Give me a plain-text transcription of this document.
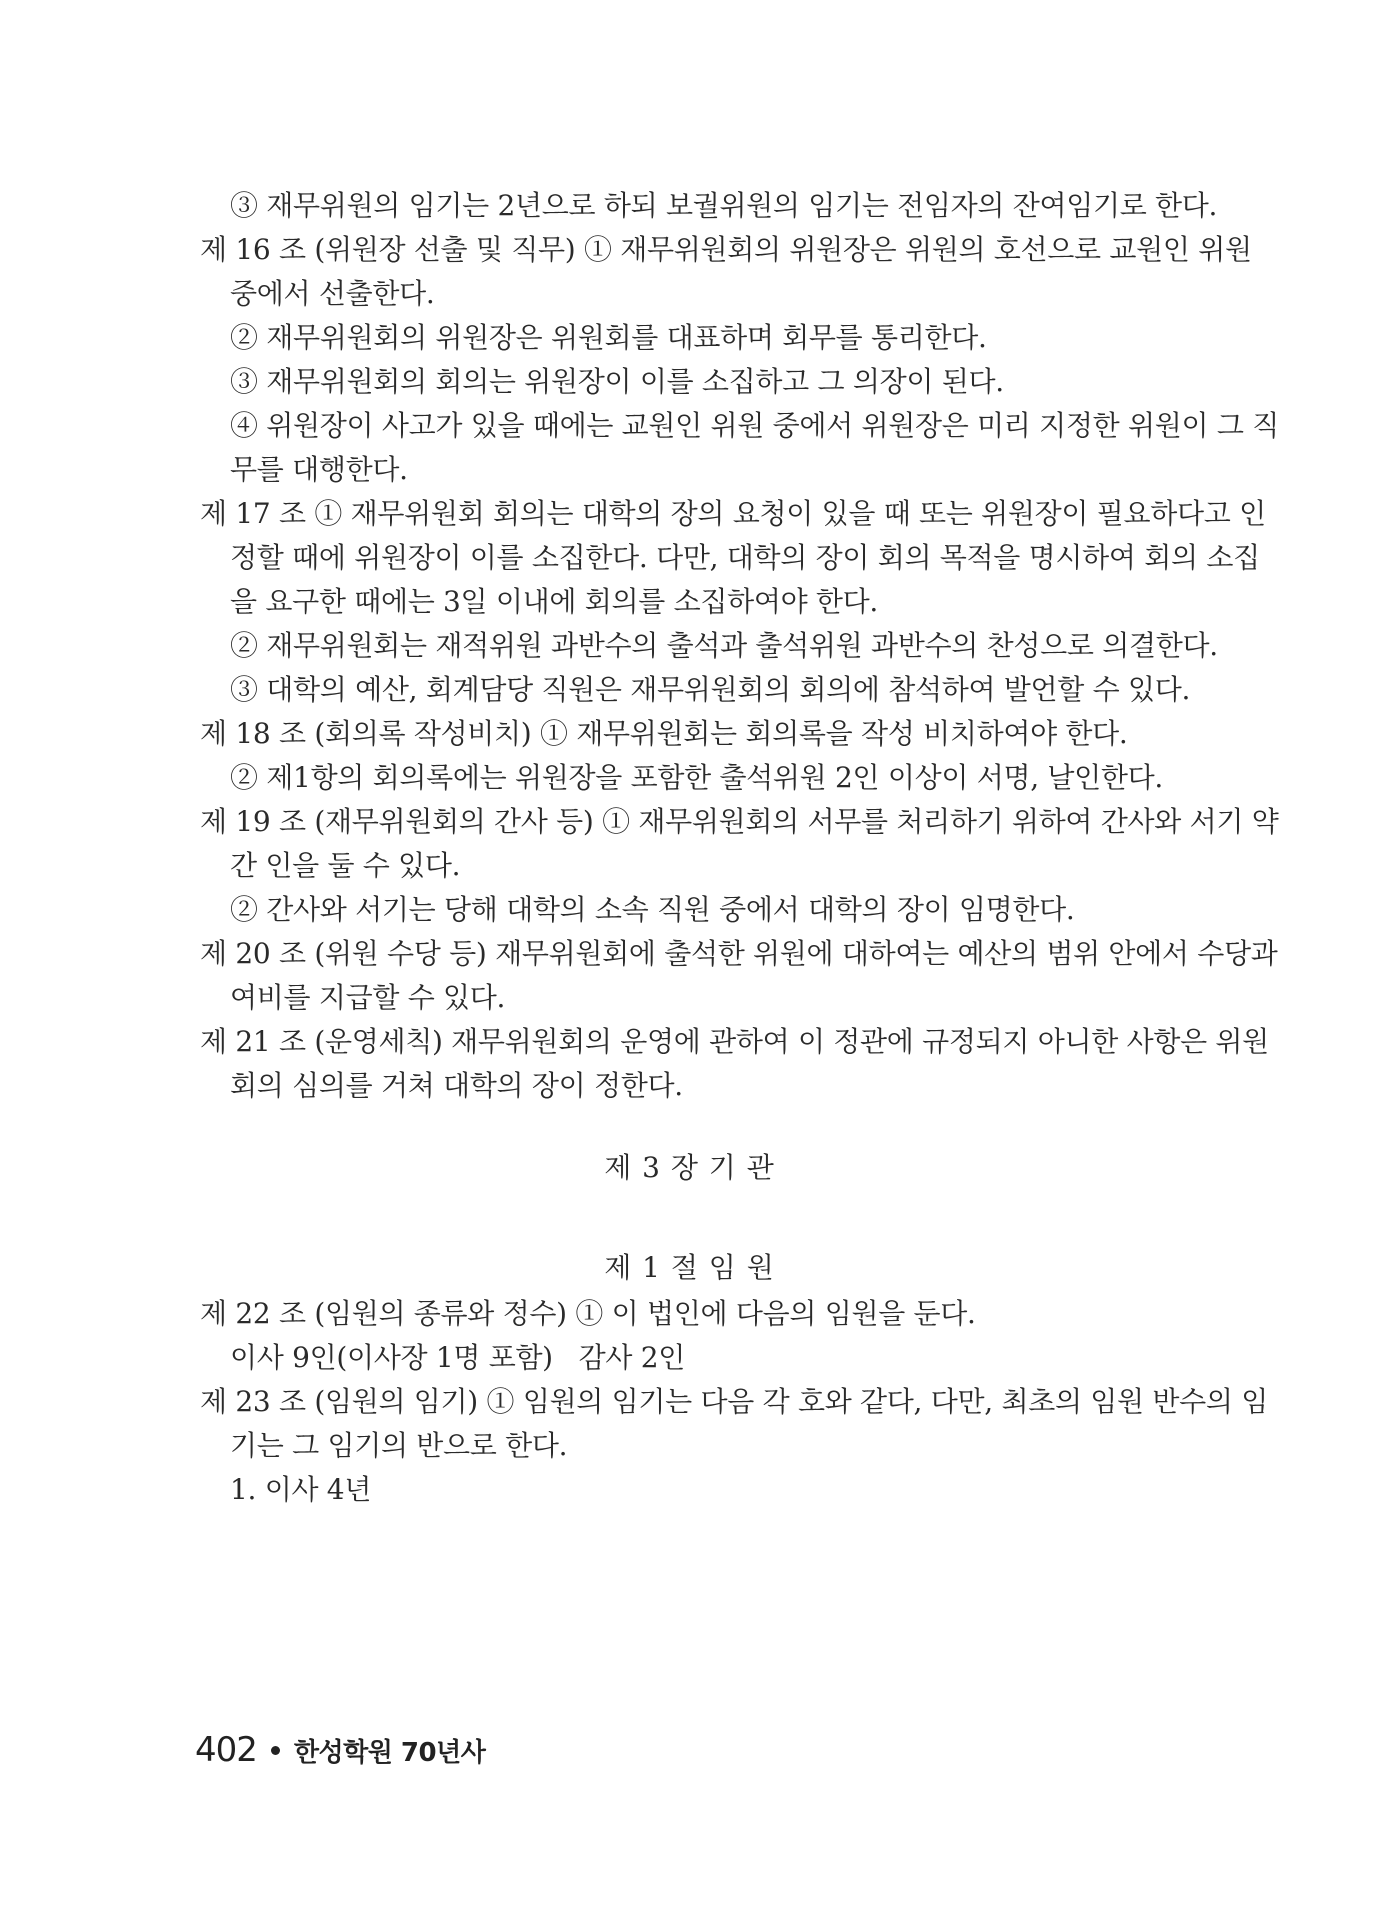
③ 재무위원의 임기는 2년으로 하되 보궐위원의 임기는 전임자의 잔여임기로 한다.
제 16 조 (위원장 선출 및 직무) ① 재무위원회의 위원장은 위원의 호선으로 교원인 위원
중에서 선출한다.
② 재무위원회의 위원장은 위원회를 대표하며 회무를 통리한다.
③ 재무위원회의 회의는 위원장이 이를 소집하고 그 의장이 된다.
④ 위원장이 사고가 있을 때에는 교원인 위원 중에서 위원장은 미리 지정한 위원이 그 직
무를 대행한다.
제 17 조 ① 재무위원회 회의는 대학의 장의 요청이 있을 때 또는 위원장이 필요하다고 인
정할 때에 위원장이 이를 소집한다. 다만, 대학의 장이 회의 목적을 명시하여 회의 소집
을 요구한 때에는 3일 이내에 회의를 소집하여야 한다.
② 재무위원회는 재적위원 과반수의 출석과 출석위원 과반수의 찬성으로 의결한다.
③ 대학의 예산, 회계담당 직원은 재무위원회의 회의에 참석하여 발언할 수 있다.
제 18 조 (회의록 작성비치) ① 재무위원회는 회의록을 작성 비치하여야 한다.
② 제1항의 회의록에는 위원장을 포함한 출석위원 2인 이상이 서명, 날인한다.
제 19 조 (재무위원회의 간사 등) ① 재무위원회의 서무를 처리하기 위하여 간사와 서기 약
간 인을 둘 수 있다.
② 간사와 서기는 당해 대학의 소속 직원 중에서 대학의 장이 임명한다.
제 20 조 (위원 수당 등) 재무위원회에 출석한 위원에 대하여는 예산의 범위 안에서 수당과
여비를 지급할 수 있다.
제 21 조 (운영세칙) 재무위원회의 운영에 관하여 이 정관에 규정되지 아니한 사항은 위원
회의 심의를 거쳐 대학의 장이 정한다.
제 3 장 기 관
제 1 절 임 원
제 22 조 (임원의 종류와 정수) ① 이 법인에 다음의 임원을 둔다.
이사 9인(이사장 1명 포함)   감사 2인
제 23 조 (임원의 임기) ① 임원의 임기는 다음 각 호와 같다, 다만, 최초의 임원 반수의 임
기는 그 임기의 반으로 한다.
1. 이사 4년
402 한성학원 70년사
